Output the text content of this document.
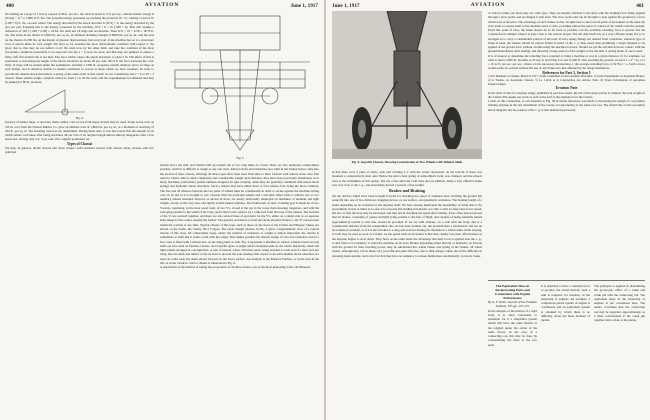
400	AVIATION	June 1, 1917

On landing on a slope of 1 in 6 at a speed of 66 ft. per sec., the vertical speed is 11ft. per sec., and the kinetic energy is (W/2g) × 11² or 1,880 W ft. lbs. The potential energy possessed on touching the ground is W × h, causing a total of W (1.88 + h) ft. lbs. on each wheel. The energy absorbed by the shock absorber is (W/2) × h, the energy absorbed by the tyre per pair. Equating this to the energy possessed by the machine, W/2 × h = W (1.88 + h). This will assume a deflection of 102.7 (1.88 + 0.58) = 18.64. We shall use 18 rings and re-calculate. Then W/2 × 18 × 0.58 = 18.78 ft. lbs. The stress in the rubber is 3,000 lbs. per sq. in., an ultimate breaking strength of 8000 lbs. per sq. in., and the load on the chassis 21,000 lbs. At the instant of greatest displacement, that every part of the machine has on it a downward load of eleven times its own weight. We have so far assumed the most unfavourable condition with respect to the tyres; that is, that they do not deflect at all. We shall now try the other limit, and take the condition of the most favourable conditions reasonably to be expected, but the 2 × 6 tyres are used, and that they are pumped to ensure a fairly stiff, flat-bottom rim is not then. The force which causes the shock absorbers to yield 2 lb. The effect of this is equivalent to increasing the length of the shock absorbers by about 48 per cent. 561.8 is the force between the cord. Only 14 rings will be needed under the assumption. Actually a 2300 lb. aeroplane usually employs about 12 rings on each bridge, and is therefore unable to sustain conditions so severe as those which we have assumed. In order to provide the desired shock absorption, a spring of the same order as that which we are considering and 2 × 6 or 26 × 3 wheels. These wheels weigh, complete with tyre, from 17 to 20 lbs. each, and the experimenters recommend that they be pumped to 80 lb. pressure.

Fig. A

In place of rubber rings, or sprocket chain, rubber cord woven from many strands may be used. Some recent tests on 5/8 in. cord from the Federal Rubber Co. gave an ultimate load of 1,800 lbs. per sq. in., at a modulus of elasticity of 434 lb. per sq. in. The breaking load was not determined. During these tests, it was discovered that the amount of set which rubber cord takes after being stretched, 48 per cent of its original length almost entirely disappears after a few hours rest, leaving only 4 to 5 per cent of its original permanent set.

Types of Chassis

We may, in general, divide chassis into three classes: self-contained chassis with wheels alone, chassis with two principal

Fig. 5

chassis and a tail skid, and chassis built up around one or two long skids as a basis. There are also numerous compromises possible, which it is difficult to assign to any one class. Almost all the land machines now built in the United States come into the second of these classes, although all three types have been used from time to time. Chassis with wheels alone were first used by Curtiss. Due to their complexity and considerable weight and resistance, they have been practically abandoned, as in many machines, particularly pusher biplanes designed for gun-carrying, when they are generally combined with wheel shock springs and hydraulic shock absorbers. Such a chassis may have either three or four wheels, four being the more common. The fore and aft distance between the two pairs of wheels must be considerable in order to secure against the machine rolling over on its tail as it is brought to rest. Chassis with two principal wheels and a tail skid, either with or without one or two auxiliary wheels mounted forward, as shown in front, are nearly universally employed on machines of medium and light weight, except on the very slow and lightly loaded pusher biplanes. The framework of such a landing gear is made up of two V-struts, consisting, in the most usual form, of two V's, closed at the top to the lower main fuselage longerons, and with the axle lying parallel to the width of the body, and is then lower vertices by a cable tied from the base of the wheels. The bottoms of the Vs are secured together, and there are also several lines of provision for the V's, either on a single side or on separate sides hinged at the center, usually the former. The greatest problem is to hold the shock absorber fixture to the V's and prevent backward rotation at any time. Typical chassis of this type, such as those on the front of the Curtiss and Hispano Suizas are shown on the frame, the Curtiss JN-4 V-types. The latest Vought chassis, in Fig. 2 gives a diagrammatic view of a typical chassis of this class. Of compromise types, where the relation of resistance to weight is almost important, the chassis is sometimes so built that it forms a unit with the wings. This makes possible the chassis design of very low resistance and in a few cases is fitted with a chassis also on the wing panel as well. Fig. 4 represents a machine so treated. Chassis based on long skids are now used on Farman, Curtiss, and Sopwith types. A single skid is mounted quite in the center. Relatively small and light wheels arranged in a straight line, or pair of wheels, whose 18 inches apart, being attached to each end of a short jack per wing. On rare skids and rubber cords are used to prevent the axle treating with respect to the skid. Rubber shock absorbers are used. In some cases the skids extend forward on the lower surface. An example is the Maurice Farman, or in the next in the tail, as in the Caudron. Such a chassis is illustrated in Fig. 6.

A description of the method of taking the proportions of all three classes, one of the most interesting is the old Nieuport,

June 1, 1917	AVIATION	401
Fig. 6. Sopwith Chassis, Showing Construction of Two Wheels with Tubular Skids

in that there were 2 pairs of struts, each pair forming a V with the vertex downward. At the bottom of these was mounted a comparatively short skid. Below the skid a bent spring of semi-elliptic form, was clamped, and the wheels were at the extremities of this spring. The use of the skid and a tail skid, and, in addition, made a very effective brake as it was close to the c. g., and necessarily moved a portion of the weight.

Brakes and Braking

All the devices which have been brought forward for checking the speed of airplanes after touching the ground fall naturally into one of two divisions: dragging device on one surface, and pneumatic resistance. The braking length of a brake depending on air resistance is the airplane itself. We have already mentioned the desirability of being able to fly exceedingly slowly at times as to ease it for an even flat landing in inelastic, not only so that we may land at low speed, but also so that the drag may be increased, and thus aid in checking the speed after landing. It has often been proposed that air brakes, consisting of planes normally lying parallel to the line of flight, and capable of being suddenly turned approximately normal to that line, should be provided. If we are with airplane, on a side with the body, and at a considerable distance from the longitudinal axis. As has been pointed out, the problem then a mechanical and not an air-resistance problem, as if it is the tail skid or a drag and assist in turning the machine in a small radius while taxying, as both may be used as soon as a brake. As the speed with all air brakes is that they rapidly lose their effectiveness as the airplane begins to slow down. They have on the other hand, the advantage that their force is applied near the c. g., so that there is no tendency to stand the machine on its nose. Brakes depending either directly or indirectly on friction with the ground for their retarding power, may be subdivided into wheel brakes and spring of tire brakes. Of wheel brakes, although they can be made very powerful and quite effective, due to their danger, when, lies in the difficulty in releasing them quickly, and to the fact that they have no tendency to release themselves automatically, as the air brake.

or will not make one more they are other type. They are usually attached to the skid, with the braking force being applied through a lever pedal, and are hinged to that strut. The claw on the end can be brought to bear against the ground by a force which rises at the pilot. The advantage of such brakes as that, brought near to the forward point of movement on the skid, the claw tends to release itself as the machine starts to dive, providing almost the point of contact of the wheels with the ground. From this point of view, the brake should be as far back as possible, but the available retarding force is greater and the construction is simpler when it is kept close to the chassis proper. The tail skid itself acts as a very efficient brake if it is so arranged as to carry a considerable portion of the load. If extra spring fixings are desired from a machine, whatever type of brake is used, the wheels should be placed farther forward of the c. g. than usual, thus permitting a larger moment to be applied at the ground level without overthrowing the machine forward. Should we get the tail skid down in contact with the ground immediately after landing, and throwing a large portion of the weight on the tail skid or spring brake, if one is used.

It is of interest to determine the retarding force required to bring a machine to rest in a given distance. If, for example, we wish to land a 2000-lb. machine at 45 m.p.h. and bring it to rest in 200 ft. after touching the ground, we have s = u² / 2a, or a = 10.12 ft. per sec. per sec., where a is the necessary deceleration, f, the average retarding force, is W/32.2 × a. Such a force would easily be secured without the use of any brake save that afforded by the wings themselves.

References for Part 3, Section 5

1) Dr. Marshall on Chassis, March 8, 1917. 2) Mr. Lindenthal on Aerodynamic Principles. 3) Some Experiments on Aeroplane Brakes. 4) A Treatise on Aeroplane Chassis. 5) Le Calcul et la Construction des Avions, Paris. 6) Stress Calculations of Aeroplane Undercarriages.

Erratum Note

In the table of data for airplane wings, published in previous issues, the tail of the wing section is omitted; the total weight of the Curtiss JN4 engine per stock as well as the leaf of the airplane is for the Curtiss.

I wish, in this connection, to call attention to Fig. 39 in which references was made to discussing the design of a secondary training airplane in the last installment of the course, in reproducing as the same was lost. The dotted line on the secondary shock diagram, but the portion of the c. g. is that indicated previously.

The Equivalent Mass in Reciprocating Parts and Connections with Engine Performance

By A. F. Zahm, Journal of the Franklin Institute, 165 pp., 207-231

In the analysis of the motion of a rigid body, it is often convenient to substitute for it a simplified system which will have the same motion as the original under the action of the same forces. In the case of a connecting rod, this may be done by concentrating the mass at the two ends.

It is desirable to have a resultant force to produce the actual motion; such a sum is required, for instance, in the balancing of engines. An example, a compressor-piston system of engine is considered, and an equivalent system is obtained by which there is no difficulty about the mass moment of inertia.

The principle is applied in determining the gyroscopic effect of a crank and crank pin with the connecting rod. The equivalent mass in the balancing of engines is not considered here. The author concludes that the connecting rod may be regarded, approximately, as a mass concentrated at the crank pin together with a mass at the piston.
